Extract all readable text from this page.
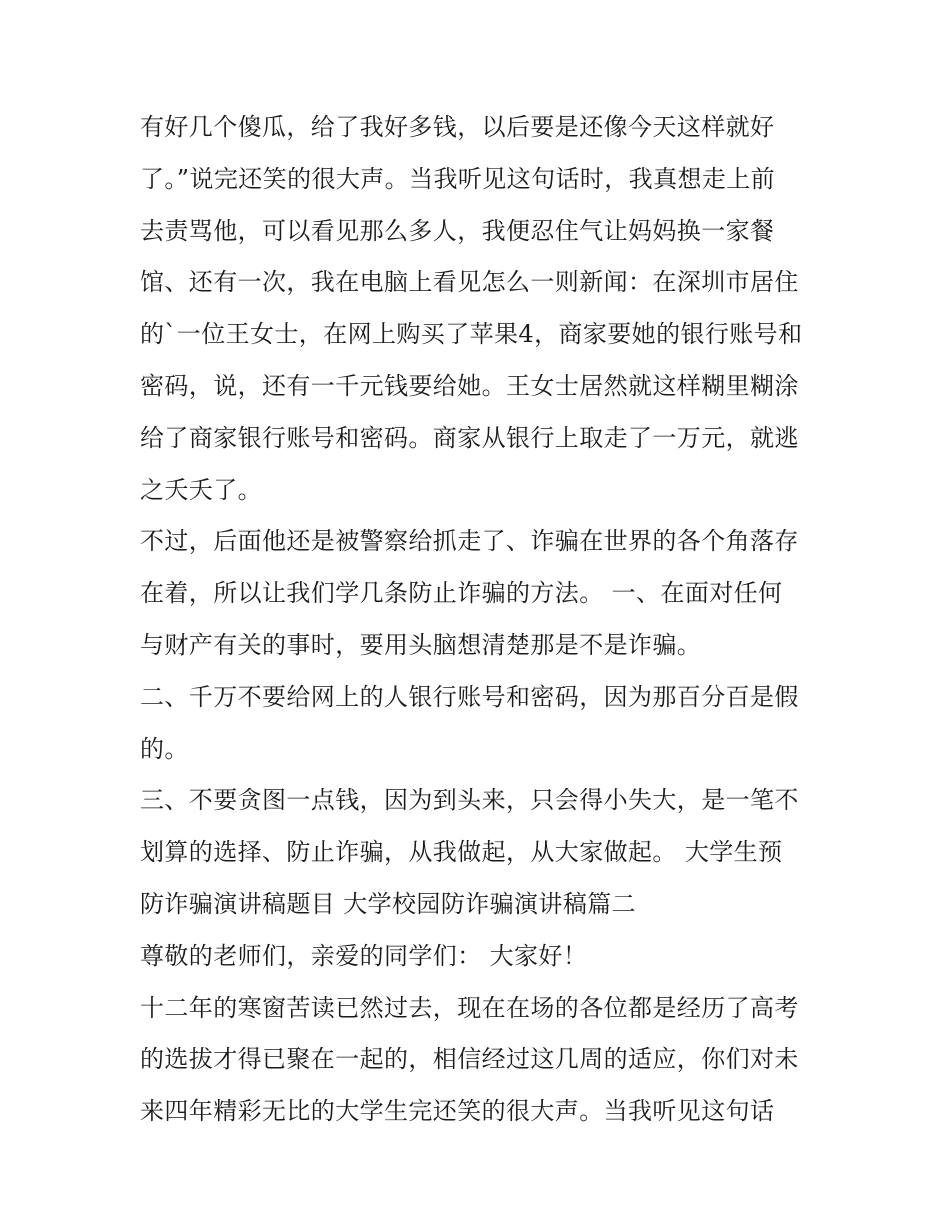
有好几个傻瓜，给了我好多钱，以后要是还像今天这样就好
了。”说完还笑的很大声。当我听见这句话时，我真想走上前
去责骂他，可以看见那么多人，我便忍住气让妈妈换一家餐
馆、还有一次，我在电脑上看见怎么一则新闻：在深圳市居住
的`一位王女士，在网上购买了苹果4，商家要她的银行账号和
密码，说，还有一千元钱要给她。王女士居然就这样糊里糊涂
给了商家银行账号和密码。商家从银行上取走了一万元，就逃
之夭夭了。
不过，后面他还是被警察给抓走了、诈骗在世界的各个角落存
在着，所以让我们学几条防止诈骗的方法。 一、在面对任何
与财产有关的事时，要用头脑想清楚那是不是诈骗。
二、千万不要给网上的人银行账号和密码，因为那百分百是假
的。
三、不要贪图一点钱，因为到头来，只会得小失大，是一笔不
划算的选择、防止诈骗，从我做起，从大家做起。 大学生预
防诈骗演讲稿题目 大学校园防诈骗演讲稿篇二
尊敬的老师们，亲爱的同学们： 大家好！
十二年的寒窗苦读已然过去，现在在场的各位都是经历了高考
的选拔才得已聚在一起的，相信经过这几周的适应，你们对未
来四年精彩无比的大学生完还笑的很大声。当我听见这句话
